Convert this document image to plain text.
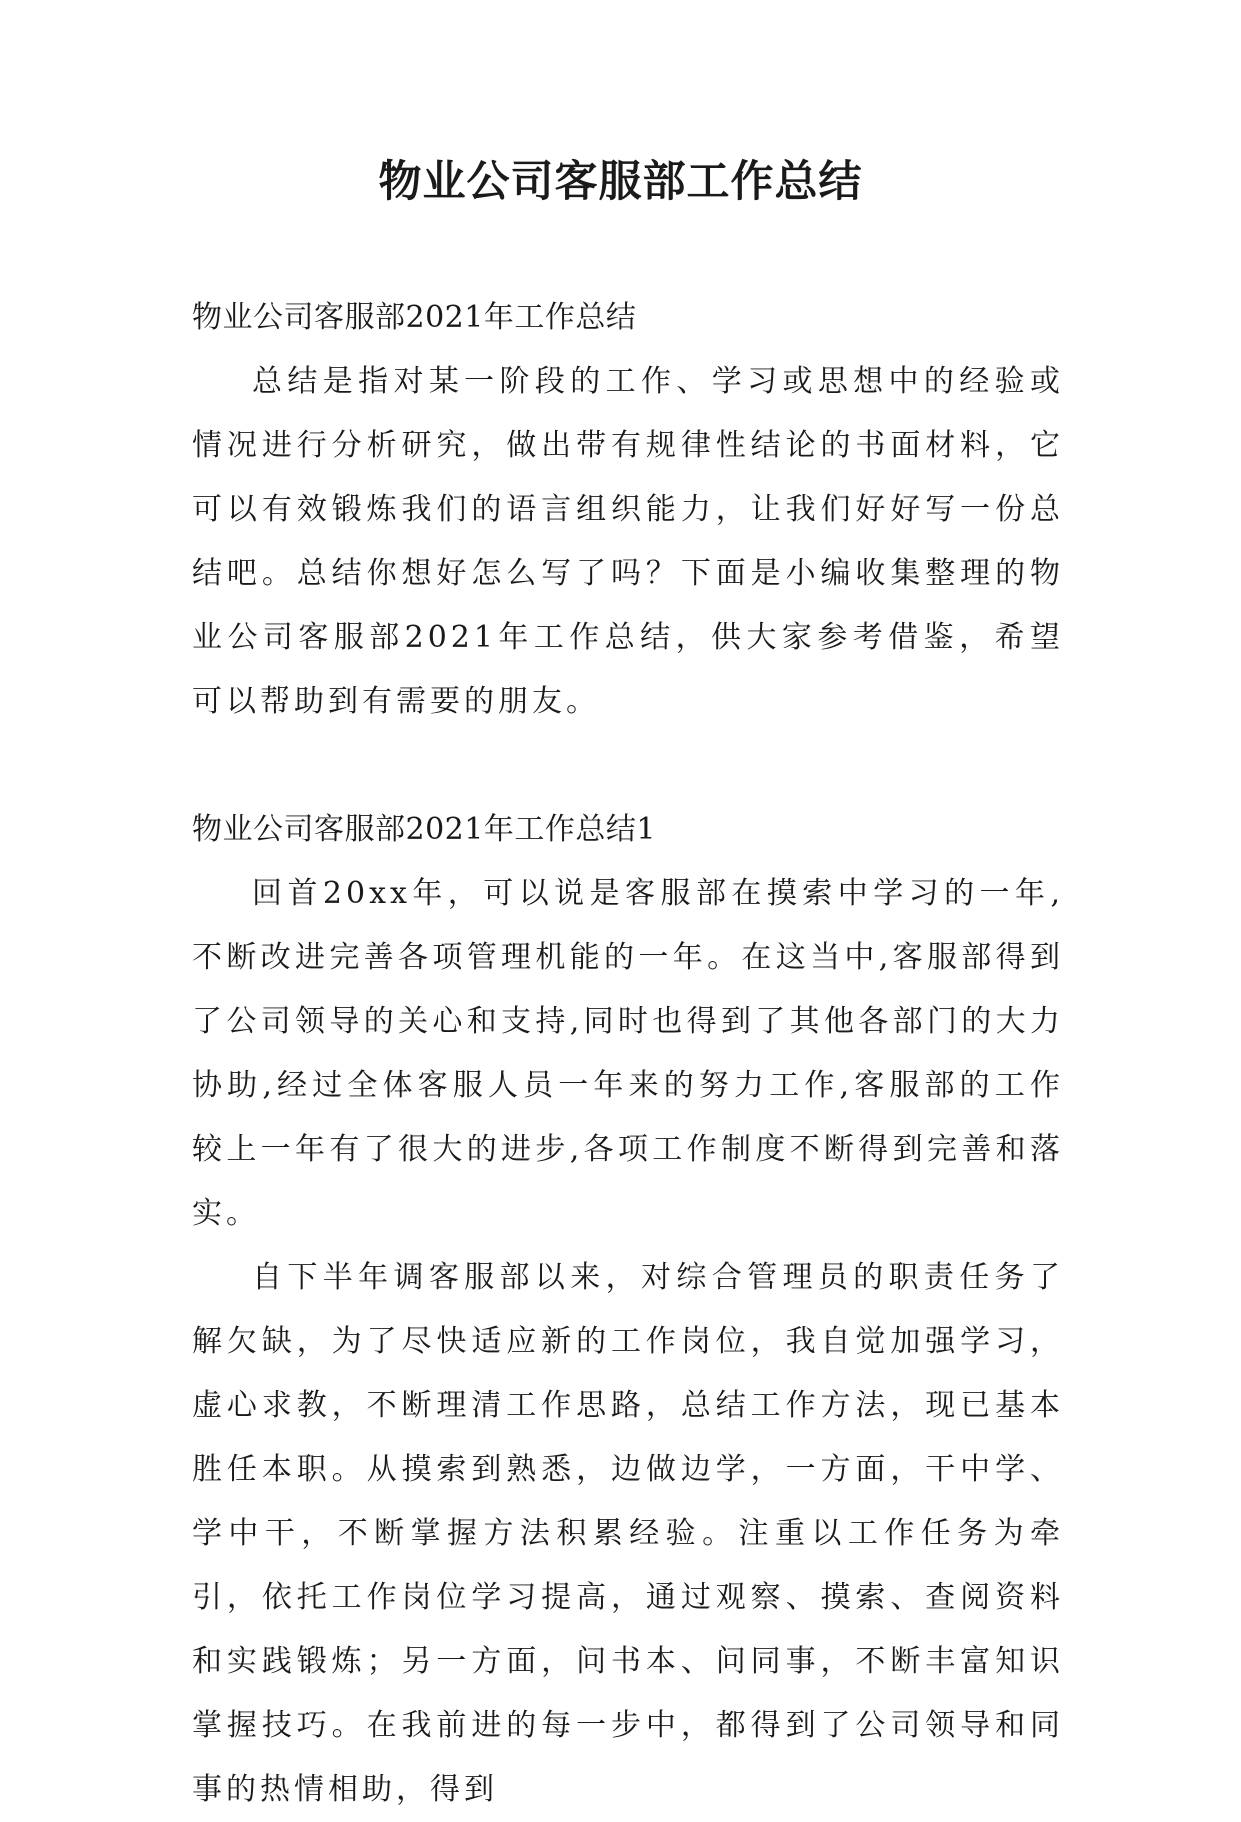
物业公司客服部工作总结

物业公司客服部2021年工作总结

总结是指对某一阶段的工作、学习或思想中的经验或情况进行分析研究，做出带有规律性结论的书面材料，它可以有效锻炼我们的语言组织能力，让我们好好写一份总结吧。总结你想好怎么写了吗？下面是小编收集整理的物业公司客服部2021年工作总结，供大家参考借鉴，希望可以帮助到有需要的朋友。

物业公司客服部2021年工作总结1

回首20xx年，可以说是客服部在摸索中学习的一年,不断改进完善各项管理机能的一年。在这当中,客服部得到了公司领导的关心和支持,同时也得到了其他各部门的大力协助,经过全体客服人员一年来的努力工作,客服部的工作较上一年有了很大的进步,各项工作制度不断得到完善和落实。

自下半年调客服部以来，对综合管理员的职责任务了解欠缺，为了尽快适应新的工作岗位，我自觉加强学习，虚心求教，不断理清工作思路，总结工作方法，现已基本胜任本职。从摸索到熟悉，边做边学，一方面，干中学、学中干，不断掌握方法积累经验。注重以工作任务为牵引，依托工作岗位学习提高，通过观察、摸索、查阅资料和实践锻炼；另一方面，问书本、问同事，不断丰富知识掌握技巧。在我前进的每一步中，都得到了公司领导和同事的热情相助，得到
